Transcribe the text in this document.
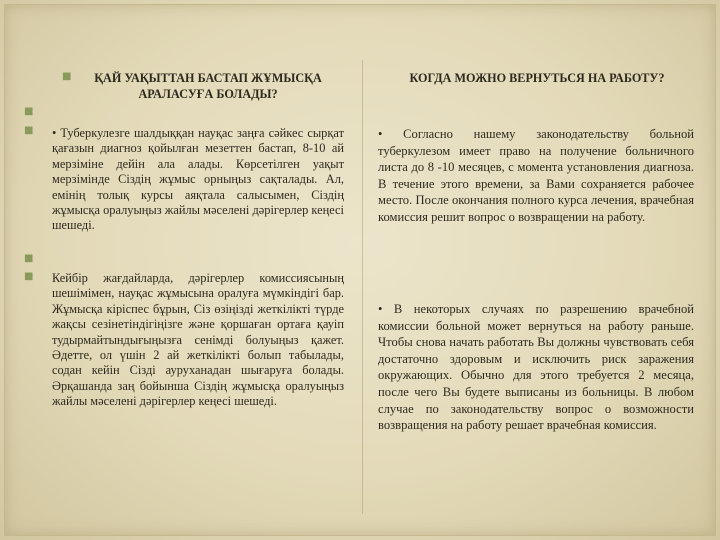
■
■
■
■
■
ҚАЙ УАҚЫТТАН БАСТАП ЖҰМЫСҚА АРАЛАСУҒА БОЛАДЫ?
• Туберкулезге шалдыққан науқас заңға сәйкес сырқат қағазын диагноз қойылған мезеттен бастап, 8-10 ай мерзіміне дейін ала алады. Көрсетілген уақыт мерзімінде Сіздің жұмыс орныңыз сақталады. Ал, емінің толық курсы аяқтала салысымен, Сіздің жұмысқа оралуыңыз жайлы мәселені дәрігерлер кеңесі шешеді.
Кейбір жағдайларда, дәрігерлер комиссиясының шешімімен, науқас жұмысына оралуға мүмкіндігі бар. Жұмысқа кіріспес бұрын, Сіз өзіңізді жеткілікті түрде жақсы сезінетіндігіңізге және қоршаған ортаға қауіп тудырмайтындығыңызға сенімді болуыңыз қажет. Әдетте, ол үшін 2 ай жеткілікті болып табылады, содан кейін Сізді ауруханадан шығаруға болады. Әрқашанда заң бойынша Сіздің жұмысқа оралуыңыз жайлы мәселені дәрігерлер кеңесі шешеді.
КОГДА МОЖНО ВЕРНУТЬСЯ НА РАБОТУ?
• Согласно нашему законодательству больной туберкулезом имеет право на получение больничного листа до 8 -10 месяцев, с момента установления диагноза. В течение этого времени, за Вами сохраняется рабочее место. После окончания полного курса лечения, врачебная комиссия решит вопрос о возвращении на работу.
• В некоторых случаях по разрешению врачебной комиссии больной может вернуться на работу раньше. Чтобы снова начать работать Вы должны чувствовать себя достаточно здоровым и исключить риск заражения окружающих. Обычно для этого требуется 2 месяца, после чего Вы будете выписаны из больницы. В любом случае по законодательству вопрос о возможности возвращения на работу решает врачебная комиссия.
